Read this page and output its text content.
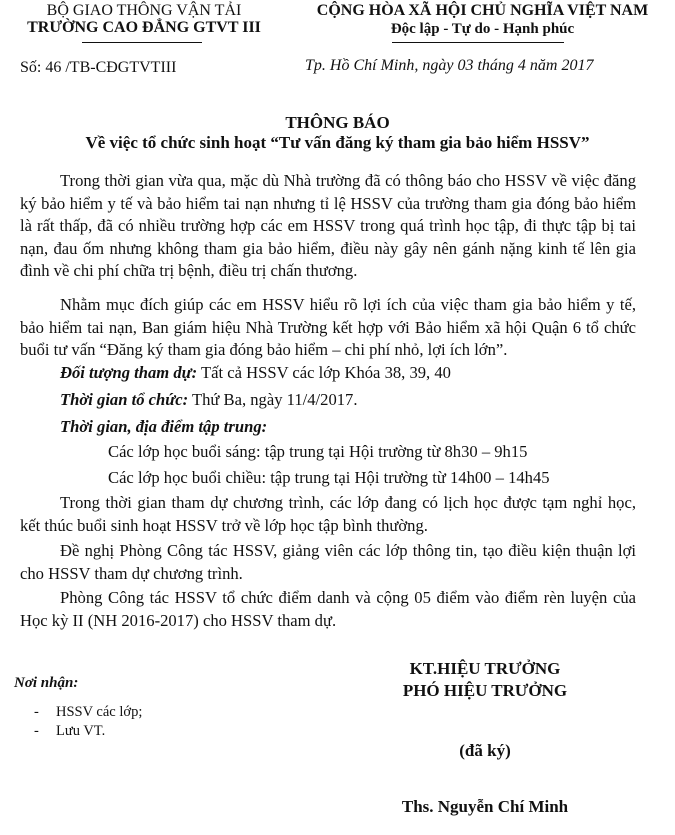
BỘ GIAO THÔNG VẬN TẢI
TRƯỜNG CAO ĐẲNG GTVT III
Số: 46 /TB-CĐGTVTIII
CỘNG HÒA XÃ HỘI CHỦ NGHĨA VIỆT NAM
Độc lập - Tự do - Hạnh phúc
Tp. Hồ Chí Minh, ngày 03 tháng 4 năm 2017
THÔNG BÁO
Về việc tổ chức sinh hoạt “Tư vấn đăng ký tham gia bảo hiểm HSSV”
Trong thời gian vừa qua, mặc dù Nhà trường đã có thông báo cho HSSV về việc đăng ký bảo hiểm y tế và bảo hiểm tai nạn nhưng tỉ lệ HSSV của trường tham gia đóng bảo hiểm là rất thấp, đã có nhiều trường hợp các em HSSV trong quá trình học tập, đi thực tập bị tai nạn, đau ốm nhưng không tham gia bảo hiểm, điều này gây nên gánh nặng kinh tế lên gia đình về chi phí chữa trị bệnh, điều trị chấn thương.
Nhằm mục đích giúp các em HSSV hiểu rõ lợi ích của việc tham gia bảo hiểm y tế, bảo hiểm tai nạn, Ban giám hiệu Nhà Trường kết hợp với Bảo hiểm xã hội Quận 6 tổ chức buổi tư vấn “Đăng ký tham gia đóng bảo hiểm – chi phí nhỏ, lợi ích lớn”.
Đối tượng tham dự: Tất cả HSSV các lớp Khóa 38, 39, 40
Thời gian tổ chức: Thứ Ba, ngày 11/4/2017.
Thời gian, địa điểm tập trung:
Các lớp học buổi sáng: tập trung tại Hội trường từ 8h30 – 9h15
Các lớp học buổi chiều: tập trung tại Hội trường từ 14h00 – 14h45
Trong thời gian tham dự chương trình, các lớp đang có lịch học được tạm nghỉ học, kết thúc buổi sinh hoạt HSSV trở về lớp học tập bình thường.
Đề nghị Phòng Công tác HSSV, giảng viên các lớp thông tin, tạo điều kiện thuận lợi cho HSSV tham dự chương trình.
Phòng Công tác HSSV tổ chức điểm danh và cộng 05 điểm vào điểm rèn luyện của Học kỳ II (NH 2016-2017) cho HSSV tham dự.
Nơi nhận:
- HSSV các lớp;
- Lưu VT.
KT.HIỆU TRƯỞNG
PHÓ HIỆU TRƯỞNG
(đã ký)
Ths. Nguyễn Chí Minh
